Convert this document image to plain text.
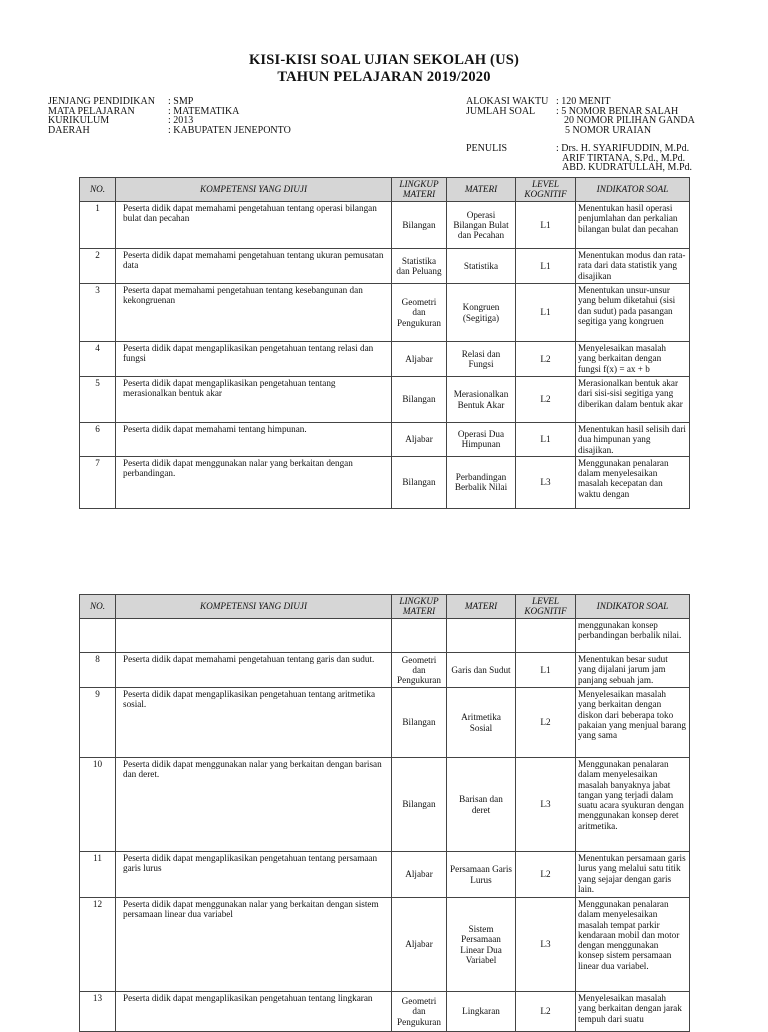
KISI-KISI SOAL UJIAN SEKOLAH (US)
TAHUN PELAJARAN 2019/2020
JENJANG PENDIDIKAN	: SMP
MATA PELAJARAN	: MATEMATIKA
KURIKULUM	: 2013
DAERAH	: KABUPATEN JENEPONTO
ALOKASI WAKTU : 120 MENIT
JUMLAH SOAL	: 5 NOMOR BENAR SALAH
20 NOMOR PILIHAN GANDA
5 NOMOR URAIAN
PENULIS	: Drs. H. SYARIFUDDIN, M.Pd.
ARIF TIRTANA, S.Pd., M.Pd.
ABD. KUDRATULLAH, M.Pd.
NO.	KOMPETENSI YANG DIUJI	LINGKUP MATERI	MATERI	LEVEL KOGNITIF	INDIKATOR SOAL
1	Peserta didik dapat memahami pengetahuan tentang operasi bilangan bulat dan pecahan	Bilangan	Operasi Bilangan Bulat dan Pecahan	L1	Menentukan hasil operasi penjumlahan dan perkalian bilangan bulat dan pecahan
2	Peserta didik dapat memahami pengetahuan tentang ukuran pemusatan data	Statistika dan Peluang	Statistika	L1	Menentukan modus dan rata-rata dari data statistik yang disajikan
3	Peserta dapat memahami pengetahuan tentang kesebangunan dan kekongruenan	Geometri dan Pengukuran	Kongruen (Segitiga)	L1	Menentukan unsur-unsur yang belum diketahui (sisi dan sudut) pada pasangan segitiga yang kongruen
4	Peserta didik dapat mengaplikasikan pengetahuan tentang relasi dan fungsi	Aljabar	Relasi dan Fungsi	L2	Menyelesaikan masalah yang berkaitan dengan fungsi f(x) = ax + b
5	Peserta didik dapat mengaplikasikan pengetahuan tentang merasionalkan bentuk akar	Bilangan	Merasionalkan Bentuk Akar	L2	Merasionalkan bentuk akar dari sisi-sisi segitiga yang diberikan dalam bentuk akar
6	Peserta didik dapat memahami tentang himpunan.	Aljabar	Operasi Dua Himpunan	L1	Menentukan hasil selisih dari dua himpunan yang disajikan.
7	Peserta didik dapat menggunakan nalar yang berkaitan dengan perbandingan.	Bilangan	Perbandingan Berbalik Nilai	L3	Menggunakan penalaran dalam menyelesaikan masalah kecepatan dan waktu dengan
NO.	KOMPETENSI YANG DIUJI	LINGKUP MATERI	MATERI	LEVEL KOGNITIF	INDIKATOR SOAL
					menggunakan konsep perbandingan berbalik nilai.
8	Peserta didik dapat memahami pengetahuan tentang garis dan sudut.	Geometri dan Pengukuran	Garis dan Sudut	L1	Menentukan besar sudut yang dijalani jarum jam panjang sebuah jam.
9	Peserta didik dapat mengaplikasikan pengetahuan tentang aritmetika sosial.	Bilangan	Aritmetika Sosial	L2	Menyelesaikan masalah yang berkaitan dengan diskon dari beberapa toko pakaian yang menjual barang yang sama
10	Peserta didik dapat menggunakan nalar yang berkaitan dengan barisan dan deret.	Bilangan	Barisan dan deret	L3	Menggunakan penalaran dalam menyelesaikan masalah banyaknya jabat tangan yang terjadi dalam suatu acara syukuran dengan menggunakan konsep deret aritmetika.
11	Peserta didik dapat mengaplikasikan pengetahuan tentang persamaan garis lurus	Aljabar	Persamaan Garis Lurus	L2	Menentukan persamaan garis lurus yang melalui satu titik yang sejajar dengan garis lain.
12	Peserta didik dapat menggunakan nalar yang berkaitan dengan sistem persamaan linear dua variabel	Aljabar	Sistem Persamaan Linear Dua Variabel	L3	Menggunakan penalaran dalam menyelesaikan masalah tempat parkir kendaraan mobil dan motor dengan menggunakan konsep sistem persamaan linear dua variabel.
13	Peserta didik dapat mengaplikasikan pengetahuan tentang lingkaran	Geometri dan Pengukuran	Lingkaran	L2	Menyelesaikan masalah yang berkaitan dengan jarak tempuh dari suatu
